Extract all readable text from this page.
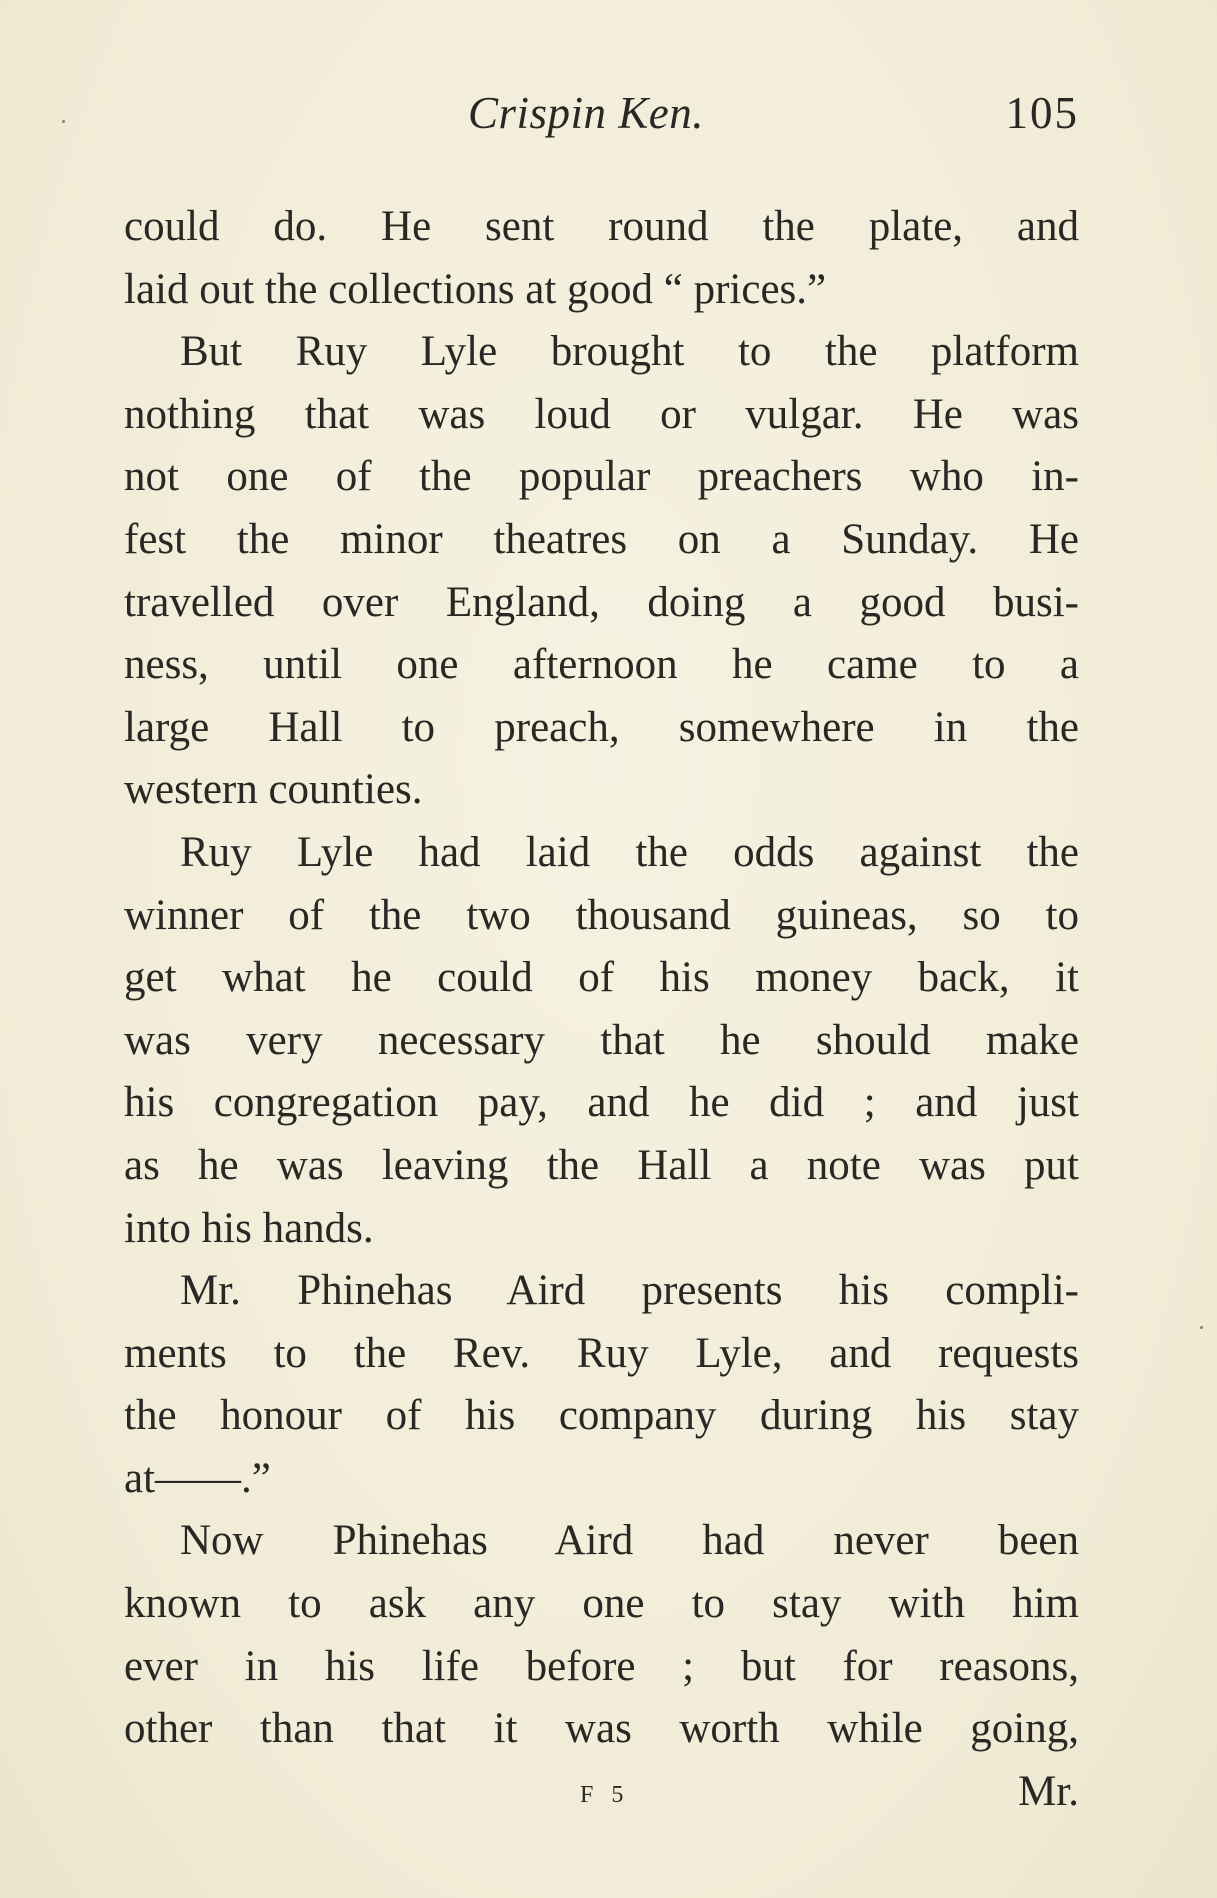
Crispin Ken.	105
could do. He sent round the plate, and
laid out the collections at good “ prices.”
But Ruy Lyle brought to the platform
nothing that was loud or vulgar. He was
not one of the popular preachers who in-
fest the minor theatres on a Sunday. He
travelled over England, doing a good busi-
ness, until one afternoon he came to a
large Hall to preach, somewhere in the
western counties.
Ruy Lyle had laid the odds against the
winner of the two thousand guineas, so to
get what he could of his money back, it
was very necessary that he should make
his congregation pay, and he did ; and just
as he was leaving the Hall a note was put
into his hands.
Mr. Phinehas Aird presents his compli-
ments to the Rev. Ruy Lyle, and requests
the honour of his company during his stay
at——.”
Now Phinehas Aird had never been
known to ask any one to stay with him
ever in his life before ; but for reasons,
other than that it was worth while going,
F 5	Mr.
